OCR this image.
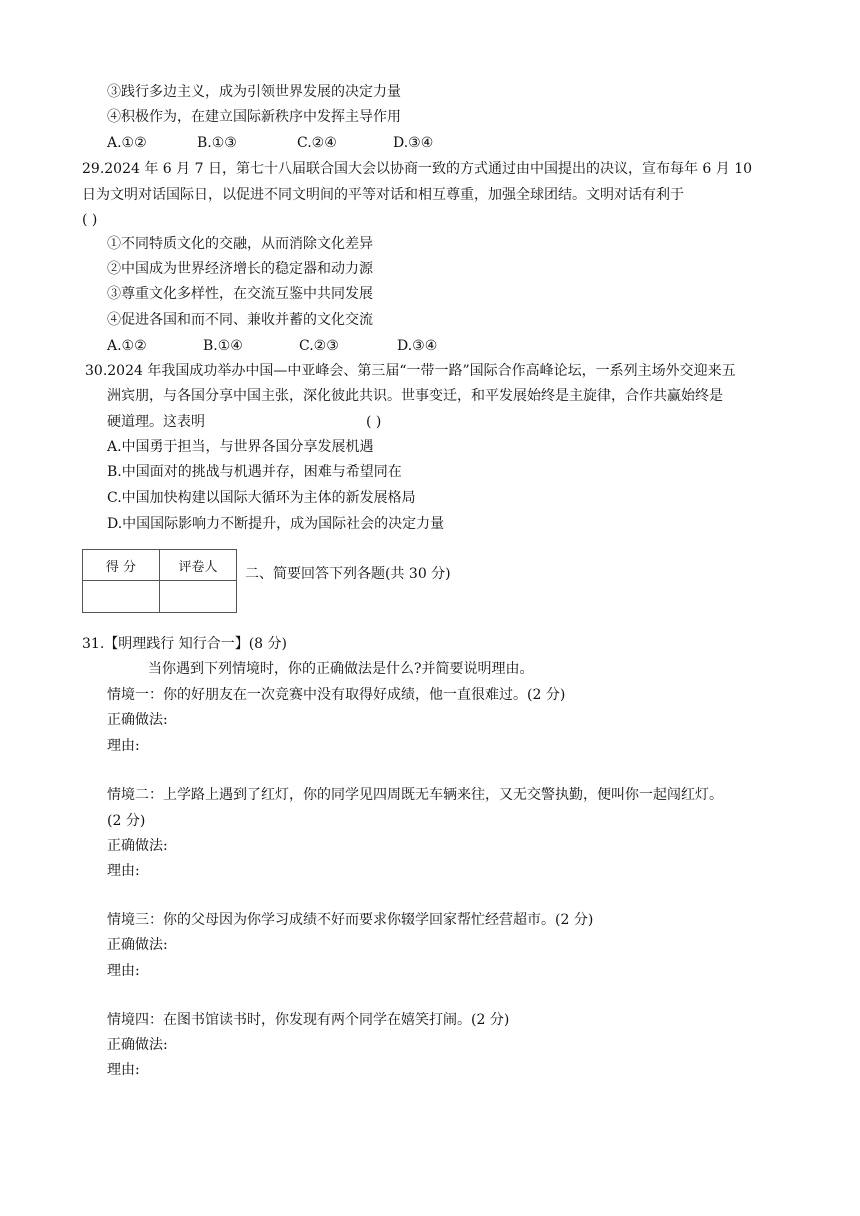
③践行多边主义，成为引领世界发展的决定力量
④积极作为，在建立国际新秩序中发挥主导作用
A.①②	B.①③	C.②④	D.③④
29.2024 年 6 月 7 日，第七十八届联合国大会以协商一致的方式通过由中国提出的决议，宣布每年 6 月 10
日为文明对话国际日，以促进不同文明间的平等对话和相互尊重，加强全球团结。文明对话有利于
( )
①不同特质文化的交融，从而消除文化差异
②中国成为世界经济增长的稳定器和动力源
③尊重文化多样性，在交流互鉴中共同发展
④促进各国和而不同、兼收并蓄的文化交流
A.①②	B.①④	C.②③	D.③④
30.2024 年我国成功举办中国—中亚峰会、第三届“一带一路”国际合作高峰论坛，一系列主场外交迎来五
洲宾朋，与各国分享中国主张，深化彼此共识。世事变迁，和平发展始终是主旋律，合作共赢始终是
硬道理。这表明	( )
A.中国勇于担当，与世界各国分享发展机遇
B.中国面对的挑战与机遇并存，困难与希望同在
C.中国加快构建以国际大循环为主体的新发展格局
D.中国国际影响力不断提升，成为国际社会的决定力量
得 分	评卷人
	二、简要回答下列各题(共 30 分)
31.【明理践行 知行合一】(8 分)
当你遇到下列情境时，你的正确做法是什么?并简要说明理由。
情境一：你的好朋友在一次竞赛中没有取得好成绩，他一直很难过。(2 分)
正确做法:
理由:
情境二：上学路上遇到了红灯，你的同学见四周既无车辆来往，又无交警执勤，便叫你一起闯红灯。
(2 分)
正确做法:
理由:
情境三：你的父母因为你学习成绩不好而要求你辍学回家帮忙经营超市。(2 分)
正确做法:
理由:
情境四：在图书馆读书时，你发现有两个同学在嬉笑打闹。(2 分)
正确做法:
理由:
